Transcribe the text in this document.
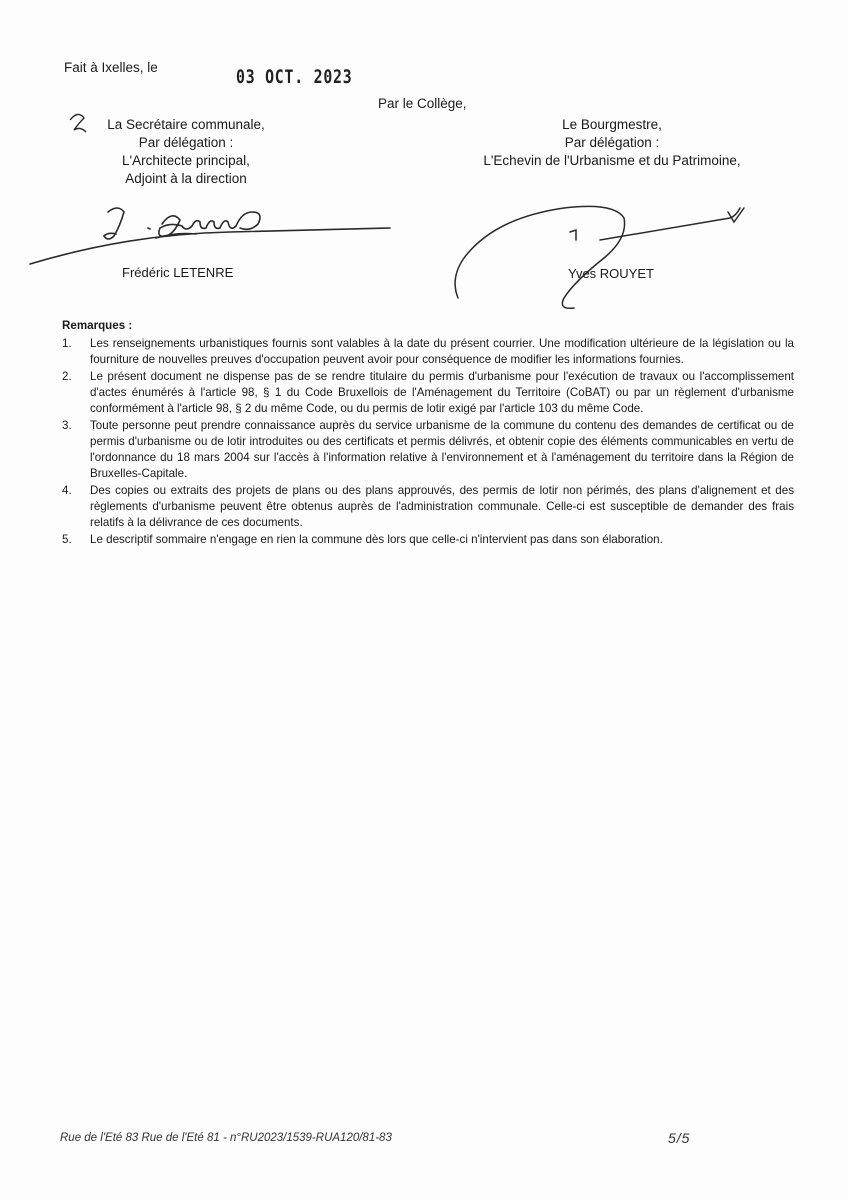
Fait à Ixelles, le	03 OCT. 2023
Par le Collège,
La Secrétaire communale,
Par délégation :
L'Architecte principal,
Adjoint à la direction
Le Bourgmestre,
Par délégation :
L'Echevin de l'Urbanisme et du Patrimoine,
Frédéric LETENRE	Yves ROUYET
Remarques :
1. Les renseignements urbanistiques fournis sont valables à la date du présent courrier. Une modification ultérieure de la législation ou la fourniture de nouvelles preuves d'occupation peuvent avoir pour conséquence de modifier les informations fournies.
2. Le présent document ne dispense pas de se rendre titulaire du permis d'urbanisme pour l'exécution de travaux ou l'accomplissement d'actes énumérés à l'article 98, § 1 du Code Bruxellois de l'Aménagement du Territoire (CoBAT) ou par un règlement d'urbanisme conformément à l'article 98, § 2 du même Code, ou du permis de lotir exigé par l'article 103 du même Code.
3. Toute personne peut prendre connaissance auprès du service urbanisme de la commune du contenu des demandes de certificat ou de permis d'urbanisme ou de lotir introduites ou des certificats et permis délivrés, et obtenir copie des éléments communicables en vertu de l'ordonnance du 18 mars 2004 sur l'accès à l'information relative à l'environnement et à l'aménagement du territoire dans la Région de Bruxelles-Capitale.
4. Des copies ou extraits des projets de plans ou des plans approuvés, des permis de lotir non périmés, des plans d'alignement et des règlements d'urbanisme peuvent être obtenus auprès de l'administration communale. Celle-ci est susceptible de demander des frais relatifs à la délivrance de ces documents.
5. Le descriptif sommaire n'engage en rien la commune dès lors que celle-ci n'intervient pas dans son élaboration.
Rue de l'Eté 83 Rue de l'Eté 81 - n°RU2023/1539-RUA120/81-83	5/5
